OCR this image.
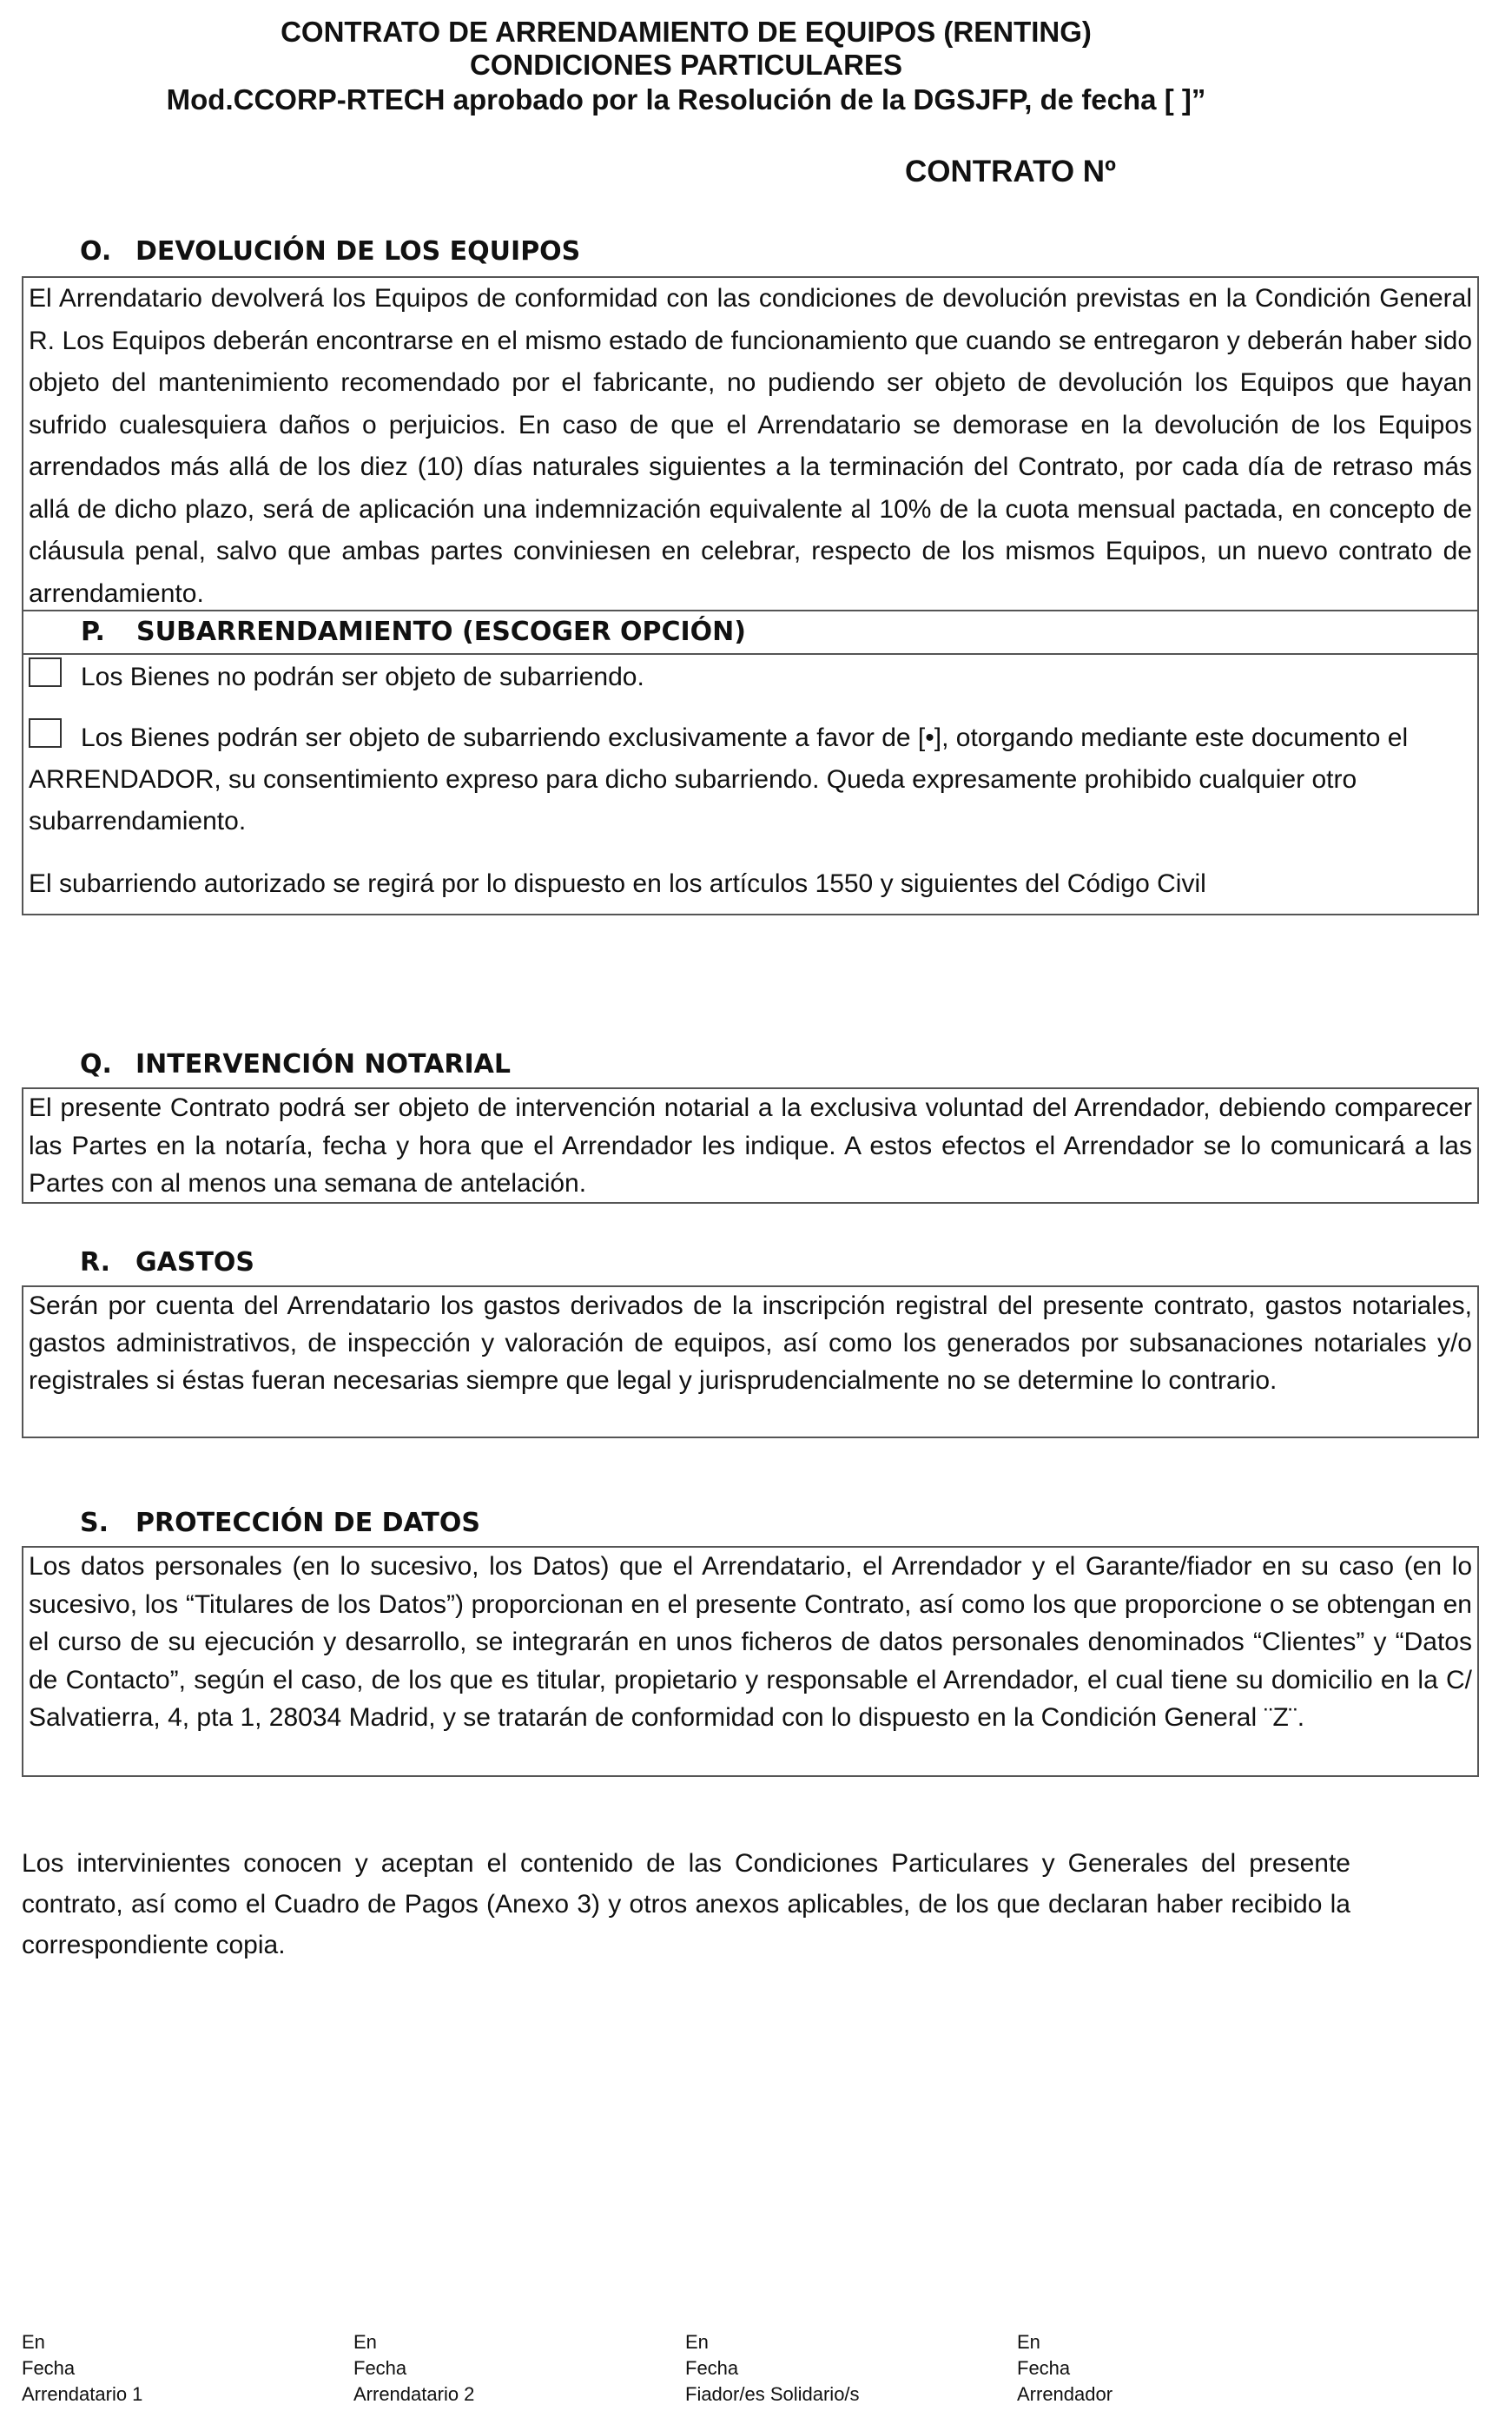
CONTRATO DE ARRENDAMIENTO DE EQUIPOS (RENTING)
CONDICIONES PARTICULARES
Mod.CCORP-RTECH aprobado por la Resolución de la DGSJFP, de fecha [ ]”
CONTRATO Nº
O. DEVOLUCIÓN DE LOS EQUIPOS

El Arrendatario devolverá los Equipos de conformidad con las condiciones de devolución previstas en la Condición General R. Los Equipos deberán encontrarse en el mismo estado de funcionamiento que cuando se entregaron y deberán haber sido objeto del mantenimiento recomendado por el fabricante, no pudiendo ser objeto de devolución los Equipos que hayan sufrido cualesquiera daños o perjuicios. En caso de que el Arrendatario se demorase en la devolución de los Equipos arrendados más allá de los diez (10) días naturales siguientes a la terminación del Contrato, por cada día de retraso más allá de dicho plazo, será de aplicación una indemnización equivalente al 10% de la cuota mensual pactada, en concepto de cláusula penal, salvo que ambas partes conviniesen en celebrar, respecto de los mismos Equipos, un nuevo contrato de arrendamiento.

P. SUBARRENDAMIENTO (ESCOGER OPCIÓN)

Los Bienes no podrán ser objeto de subarriendo.

Los Bienes podrán ser objeto de subarriendo exclusivamente a favor de [•], otorgando mediante este documento el ARRENDADOR, su consentimiento expreso para dicho subarriendo. Queda expresamente prohibido cualquier otro subarrendamiento.

El subarriendo autorizado se regirá por lo dispuesto en los artículos 1550 y siguientes del Código Civil

Q. INTERVENCIÓN NOTARIAL

El presente Contrato podrá ser objeto de intervención notarial a la exclusiva voluntad del Arrendador, debiendo comparecer las Partes en la notaría, fecha y hora que el Arrendador les indique. A estos efectos el Arrendador se lo comunicará a las Partes con al menos una semana de antelación.

R. GASTOS

Serán por cuenta del Arrendatario los gastos derivados de la inscripción registral del presente contrato, gastos notariales, gastos administrativos, de inspección y valoración de equipos, así como los generados por subsanaciones notariales y/o registrales si éstas fueran necesarias siempre que legal y jurisprudencialmente no se determine lo contrario.

S. PROTECCIÓN DE DATOS

Los datos personales (en lo sucesivo, los Datos) que el Arrendatario, el Arrendador y el Garante/fiador en su caso (en lo sucesivo, los “Titulares de los Datos”) proporcionan en el presente Contrato, así como los que proporcione o se obtengan en el curso de su ejecución y desarrollo, se integrarán en unos ficheros de datos personales denominados “Clientes” y “Datos de Contacto”, según el caso, de los que es titular, propietario y responsable el Arrendador, el cual tiene su domicilio en la C/ Salvatierra, 4, pta 1, 28034 Madrid, y se tratarán de conformidad con lo dispuesto en la Condición General ¨Z¨.

Los intervinientes conocen y aceptan el contenido de las Condiciones Particulares y Generales del presente contrato, así como el Cuadro de Pagos (Anexo 3) y otros anexos aplicables, de los que declaran haber recibido la correspondiente copia.
En
Fecha
Arrendatario 1
En
Fecha
Arrendatario 2
En
Fecha
Fiador/es Solidario/s
En
Fecha
Arrendador
